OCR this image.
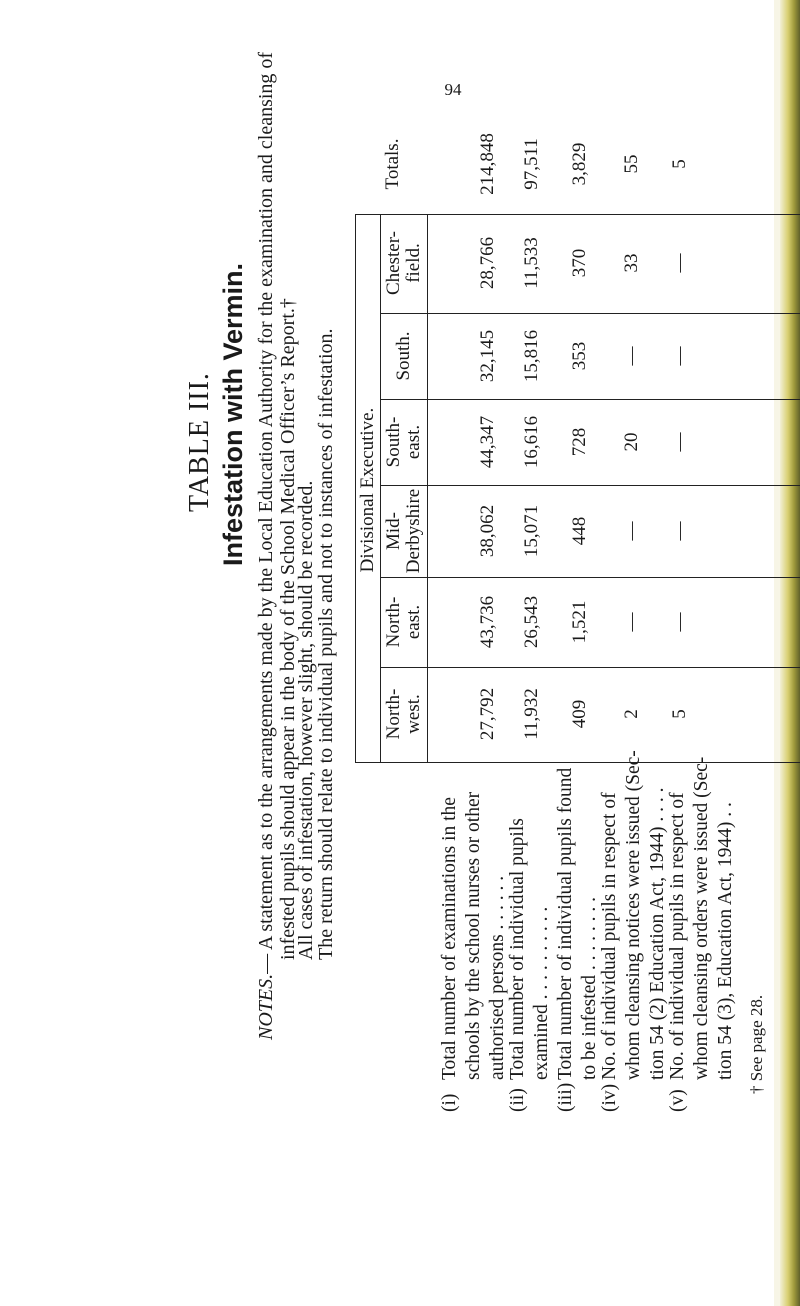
94
TABLE III. Infestation with Vermin.
NOTES.— A statement as to the arrangements made by the Local Education Authority for the examination and cleansing of infested pupils should appear in the body of the School Medical Officer’s Report.†
All cases of infestation, however slight, should be recorded.
The return should relate to individual pupils and not to instances of infestation.
Totals.
Divisional Executive.
North-
west.
North-
east.
Mid-
Derbyshire
South-
east.
South.
Chester-
field.
(i)
Total number of examinations in the schools by the school nurses or other authorised persons . . . . . .
(ii)
Total number of individual pupils examined . . . . . . . . . .
(iii)
Total number of individual pupils found to be infested . . . . . . . .
(iv)
No. of individual pupils in respect of whom cleansing notices were issued (Sec- tion 54 (2) Education Act, 1944) . . . .
(v)
No. of individual pupils in respect of whom cleansing orders were issued (Sec- tion 54 (3), Education Act, 1944) . .
27,792
43,736
38,062
44,347
32,145
28,766
214,848
11,932
26,543
15,071
16,616
15,816
11,533
97,511
409
1,521
448
728
353
370
3,829
2
—
—
20
—
33
55
5
—
—
—
—
—
5
† See page 28.
